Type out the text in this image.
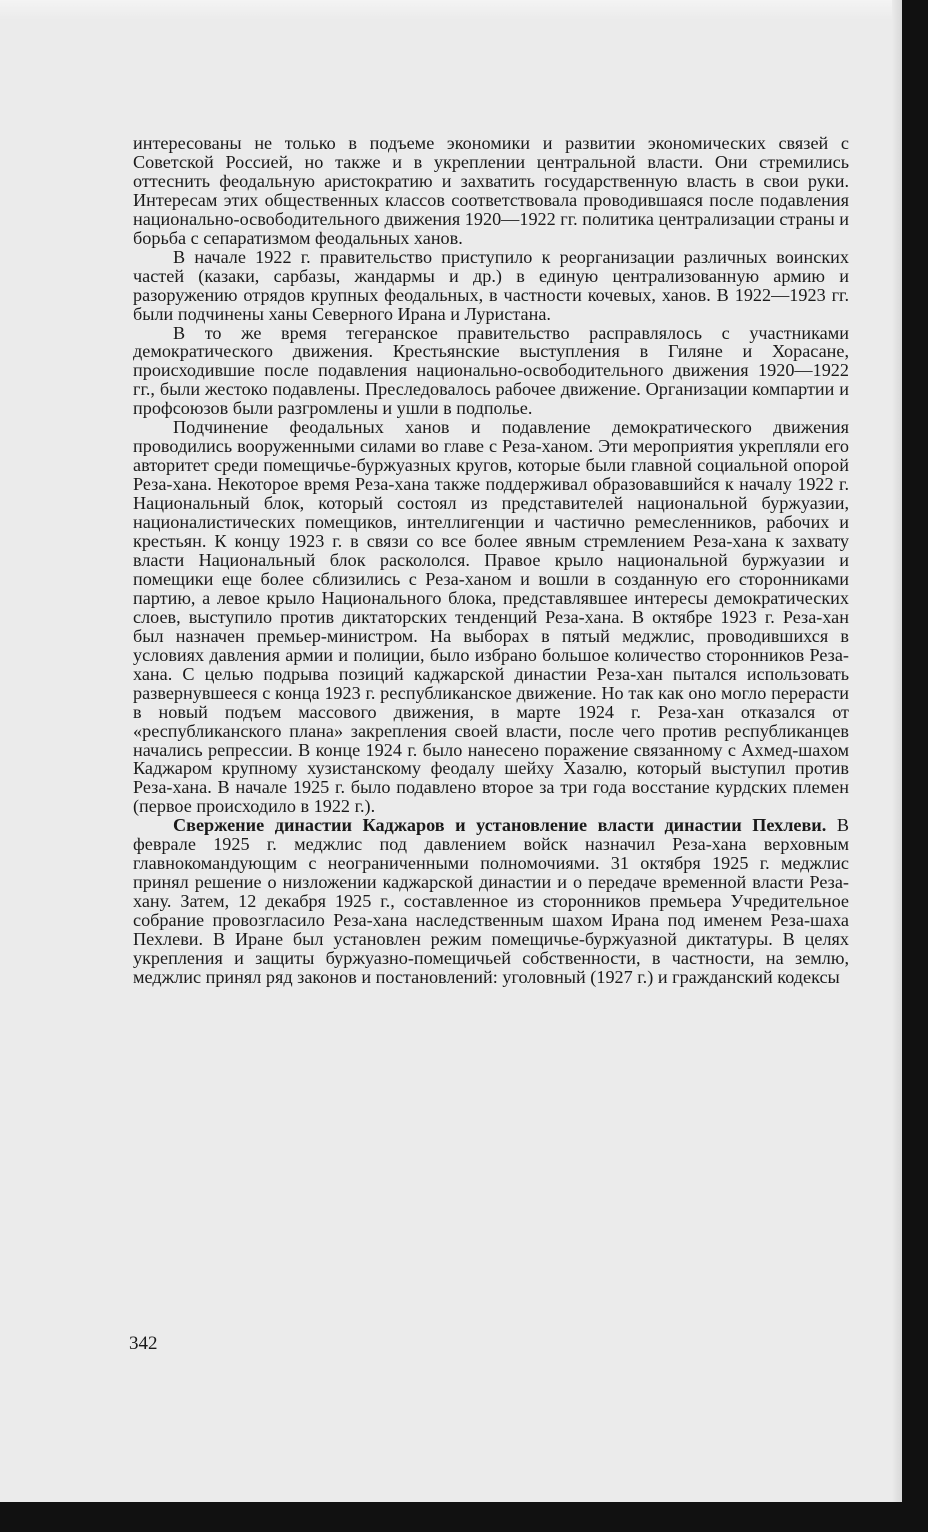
интересованы не только в подъеме экономики и развитии экономических связей с Советской Россией, но также и в укреплении центральной власти. Они стремились оттеснить феодальную аристократию и захватить государственную власть в свои руки. Интересам этих общественных классов соответствовала проводившаяся после подавления национально-освободительного движения 1920—1922 гг. политика централизации страны и борьба с сепаратизмом феодальных ханов.

В начале 1922 г. правительство приступило к реорганизации различных воинских частей (казаки, сарбазы, жандармы и др.) в единую централизованную армию и разоружению отрядов крупных феодальных, в частности кочевых, ханов. В 1922—1923 гг. были подчинены ханы Северного Ирана и Луристана.

В то же время тегеранское правительство расправлялось с участниками демократического движения. Крестьянские выступления в Гиляне и Хорасане, происходившие после подавления национально-освободительного движения 1920—1922 гг., были жестоко подавлены. Преследовалось рабочее движение. Организации компартии и профсоюзов были разгромлены и ушли в подполье.

Подчинение феодальных ханов и подавление демократического движения проводились вооруженными силами во главе с Реза-ханом. Эти мероприятия укрепляли его авторитет среди помещичье-буржуазных кругов, которые были главной социальной опорой Реза-хана. Некоторое время Реза-хана также поддерживал образовавшийся к началу 1922 г. Национальный блок, который состоял из представителей национальной буржуазии, националистических помещиков, интеллигенции и частично ремесленников, рабочих и крестьян. К концу 1923 г. в связи со все более явным стремлением Реза-хана к захвату власти Национальный блок раскололся. Правое крыло национальной буржуазии и помещики еще более сблизились с Реза-ханом и вошли в созданную его сторонниками партию, а левое крыло Национального блока, представлявшее интересы демократических слоев, выступило против диктаторских тенденций Реза-хана. В октябре 1923 г. Реза-хан был назначен премьер-министром. На выборах в пятый меджлис, проводившихся в условиях давления армии и полиции, было избрано большое количество сторонников Реза-хана. С целью подрыва позиций каджарской династии Реза-хан пытался использовать развернувшееся с конца 1923 г. республиканское движение. Но так как оно могло перерасти в новый подъем массового движения, в марте 1924 г. Реза-хан отказался от «республиканского плана» закрепления своей власти, после чего против республиканцев начались репрессии. В конце 1924 г. было нанесено поражение связанному с Ахмед-шахом Каджаром крупному хузистанскому феодалу шейху Хазалю, который выступил против Реза-хана. В начале 1925 г. было подавлено второе за три года восстание курдских племен (первое происходило в 1922 г.).

Свержение династии Каджаров и установление власти династии Пехлеви. В феврале 1925 г. меджлис под давлением войск назначил Реза-хана верховным главнокомандующим с неограниченными полномочиями. 31 октября 1925 г. меджлис принял решение о низложении каджарской династии и о передаче временной власти Реза-хану. Затем, 12 декабря 1925 г., составленное из сторонников премьера Учредительное собрание провозгласило Реза-хана наследственным шахом Ирана под именем Реза-шаха Пехлеви. В Иране был установлен режим помещичье-буржуазной диктатуры. В целях укрепления и защиты буржуазно-помещичьей собственности, в частности, на землю, меджлис принял ряд законов и постановлений: уголовный (1927 г.) и гражданский кодексы

342
